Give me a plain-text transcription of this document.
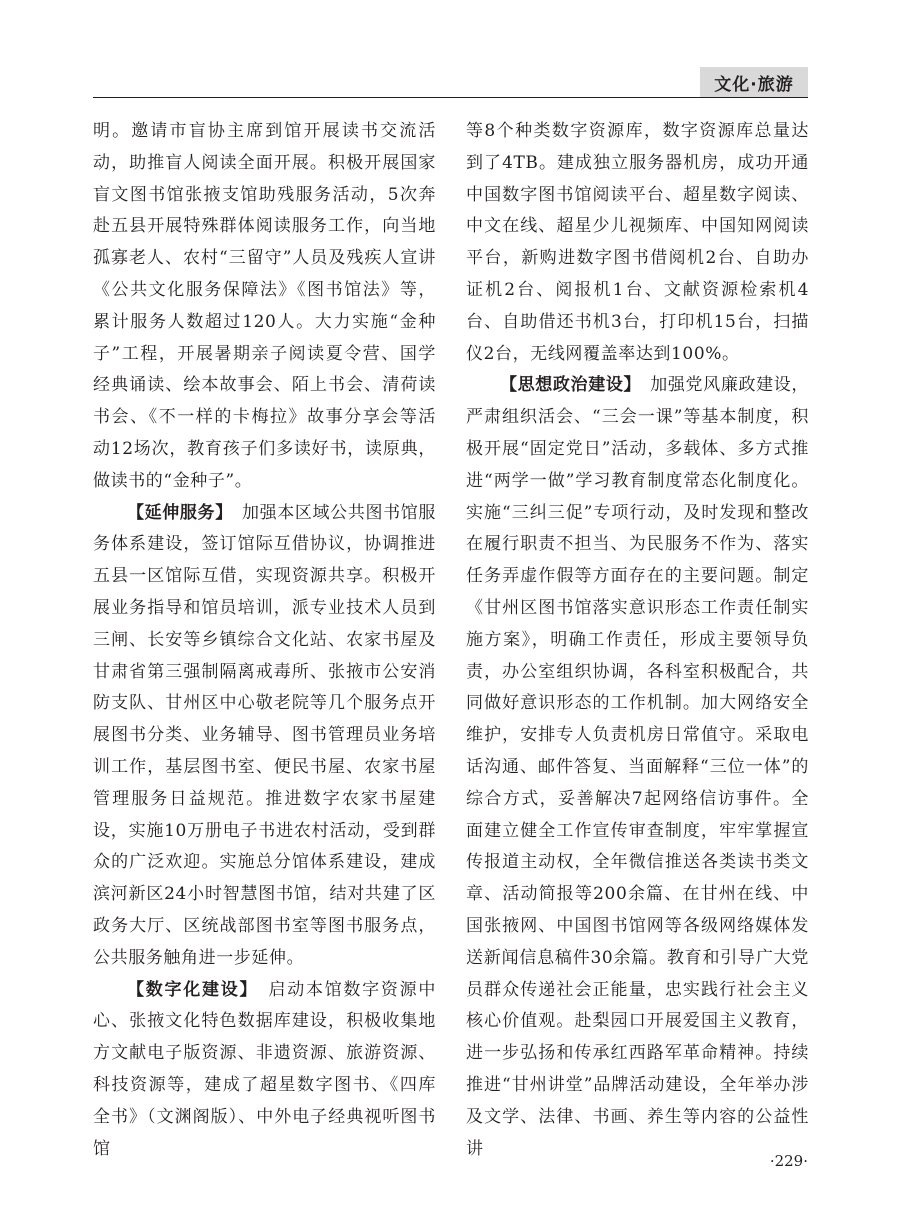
文化·旅游

明。邀请市盲协主席到馆开展读书交流活动，助推盲人阅读全面开展。积极开展国家盲文图书馆张掖支馆助残服务活动，5次奔赴五县开展特殊群体阅读服务工作，向当地孤寡老人、农村“三留守”人员及残疾人宣讲《公共文化服务保障法》《图书馆法》等，累计服务人数超过120人。大力实施“金种子”工程，开展暑期亲子阅读夏令营、国学经典诵读、绘本故事会、陌上书会、清荷读书会、《不一样的卡梅拉》故事分享会等活动12场次，教育孩子们多读好书，读原典，做读书的“金种子”。

【延伸服务】　加强本区域公共图书馆服务体系建设，签订馆际互借协议，协调推进五县一区馆际互借，实现资源共享。积极开展业务指导和馆员培训，派专业技术人员到三闸、长安等乡镇综合文化站、农家书屋及甘肃省第三强制隔离戒毒所、张掖市公安消防支队、甘州区中心敬老院等几个服务点开展图书分类、业务辅导、图书管理员业务培训工作，基层图书室、便民书屋、农家书屋管理服务日益规范。推进数字农家书屋建设，实施10万册电子书进农村活动，受到群众的广泛欢迎。实施总分馆体系建设，建成滨河新区24小时智慧图书馆，结对共建了区政务大厅、区统战部图书室等图书服务点，公共服务触角进一步延伸。

【数字化建设】　启动本馆数字资源中心、张掖文化特色数据库建设，积极收集地方文献电子版资源、非遗资源、旅游资源、科技资源等，建成了超星数字图书、《四库全书》（文渊阁版）、中外电子经典视听图书馆

等8个种类数字资源库，数字资源库总量达到了4TB。建成独立服务器机房，成功开通中国数字图书馆阅读平台、超星数字阅读、中文在线、超星少儿视频库、中国知网阅读平台，新购进数字图书借阅机2台、自助办证机2台、阅报机1台、文献资源检索机4台、自助借还书机3台，打印机15台，扫描仪2台，无线网覆盖率达到100%。

【思想政治建设】　加强党风廉政建设，严肃组织活会、“三会一课”等基本制度，积极开展“固定党日”活动，多载体、多方式推进“两学一做”学习教育制度常态化制度化。实施“三纠三促”专项行动，及时发现和整改在履行职责不担当、为民服务不作为、落实任务弄虚作假等方面存在的主要问题。制定《甘州区图书馆落实意识形态工作责任制实施方案》，明确工作责任，形成主要领导负责，办公室组织协调，各科室积极配合，共同做好意识形态的工作机制。加大网络安全维护，安排专人负责机房日常值守。采取电话沟通、邮件答复、当面解释“三位一体”的综合方式，妥善解决7起网络信访事件。全面建立健全工作宣传审查制度，牢牢掌握宣传报道主动权，全年微信推送各类读书类文章、活动简报等200余篇、在甘州在线、中国张掖网、中国图书馆网等各级网络媒体发送新闻信息稿件30余篇。教育和引导广大党员群众传递社会正能量，忠实践行社会主义核心价值观。赴梨园口开展爱国主义教育，进一步弘扬和传承红西路军革命精神。持续推进“甘州讲堂”品牌活动建设，全年举办涉及文学、法律、书画、养生等内容的公益性讲

·229·
